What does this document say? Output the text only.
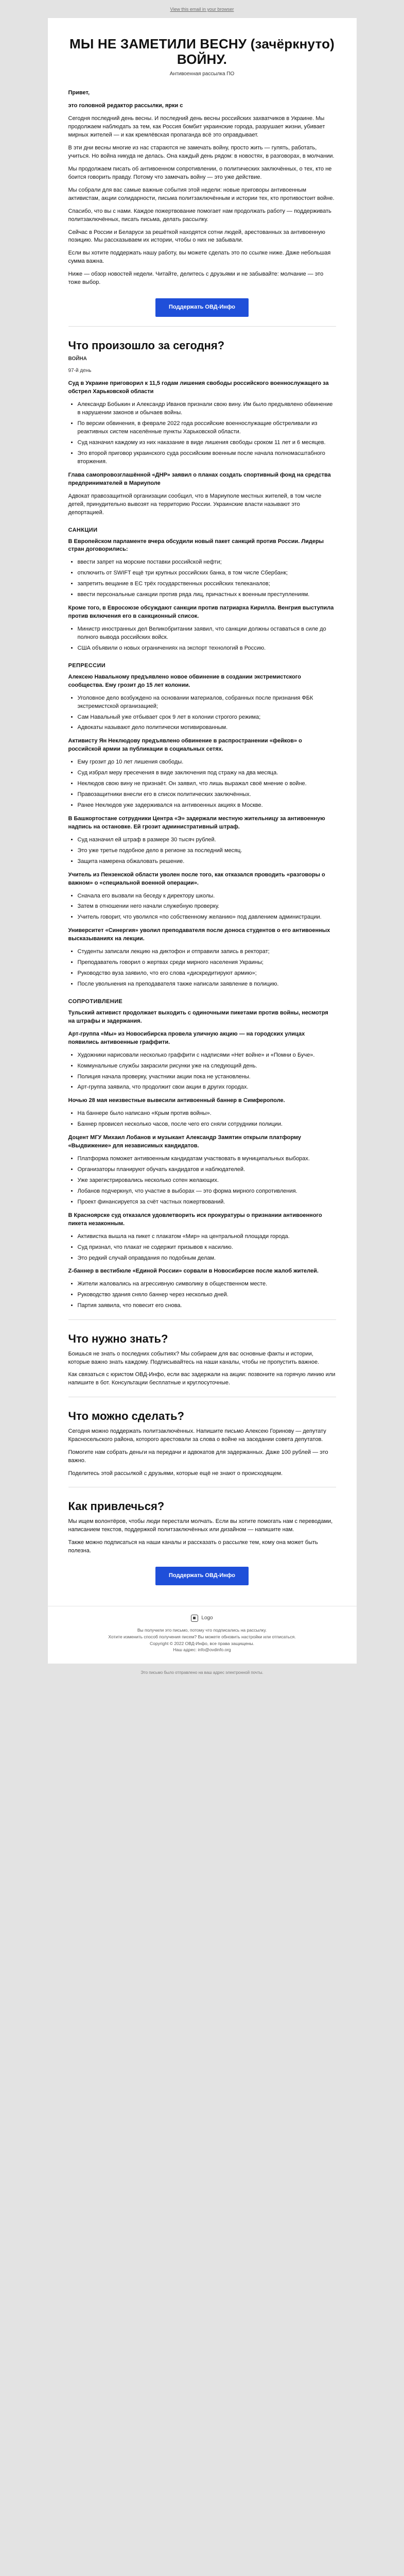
View this email in your browser
МЫ НЕ ЗАМЕТИЛИ ВЕСНУ (зачёркнуто) ВОЙНУ.
Антивоенная рассылка ПО

Привет,

это головной редактор рассылки, ярки с

Сегодня последний день весны. И последний день весны российских захватчиков в Украине. Мы продолжаем наблюдать за тем, как Россия бомбит украинские города, разрушает жизни, убивает мирных жителей — и как кремлёвская пропаганда всё это оправдывает.

В эти дни весны многие из нас стараются не замечать войну, просто жить — гулять, работать, учиться. Но война никуда не делась. Она каждый день рядом: в новостях, в разговорах, в молчании.

Мы продолжаем писать об антивоенном сопротивлении, о политических заключённых, о тех, кто не боится говорить правду. Потому что замечать войну — это уже действие.

Мы собрали для вас самые важные события этой недели: новые приговоры антивоенным активистам, акции солидарности, письма политзаключённым и истории тех, кто противостоит войне.

Спасибо, что вы с нами. Каждое пожертвование помогает нам продолжать работу — поддерживать политзаключённых, писать письма, делать рассылку.

Сейчас в России и Беларуси за решёткой находятся сотни людей, арестованных за антивоенную позицию. Мы рассказываем их истории, чтобы о них не забывали.

Если вы хотите поддержать нашу работу, вы можете сделать это по ссылке ниже. Даже небольшая сумма важна.

Ниже — обзор новостей недели. Читайте, делитесь с друзьями и не забывайте: молчание — это тоже выбор.

Поддержать ОВД-Инфо
Что произошло за сегодня?
ВОЙНА
97-й день

Суд в Украине приговорил к 11,5 годам лишения свободы российского военнослужащего за обстрел Харьковской области

• Александр Бобыкин и Александр Иванов признали свою вину. Им было предъявлено обвинение в нарушении законов и обычаев войны.
• По версии обвинения, в феврале 2022 года российские военнослужащие обстреливали из реактивных систем населённые пункты Харьковской области.
• Суд назначил каждому из них наказание в виде лишения свободы сроком 11 лет и 6 месяцев.
• Это второй приговор украинского суда российским военным после начала полномасштабного вторжения.

Глава самопровозглашённой «ДНР» заявил о планах создать спортивный фонд на средства предпринимателей в Мариуполе

Адвокат правозащитной организации сообщил, что в Мариуполе местных жителей, в том числе детей, принудительно вывозят на территорию России. Украинские власти называют это депортацией.

САНКЦИИ

В Европейском парламенте вчера обсудили новый пакет санкций против России. Лидеры стран договорились:

• ввести запрет на морские поставки российской нефти;
• отключить от SWIFT ещё три крупных российских банка, в том числе Сбербанк;
• запретить вещание в ЕС трёх государственных российских телеканалов;
• ввести персональные санкции против ряда лиц, причастных к военным преступлениям.

Кроме того, в Евросоюзе обсуждают санкции против патриарха Кирилла. Венгрия выступила против включения его в санкционный список.

• Министр иностранных дел Великобритании заявил, что санкции должны оставаться в силе до полного вывода российских войск.
• США объявили о новых ограничениях на экспорт технологий в Россию.
РЕПРЕССИИ

Алексею Навальному предъявлено новое обвинение в создании экстремистского сообщества. Ему грозит до 15 лет колонии.

• Уголовное дело возбуждено на основании материалов, собранных после признания ФБК экстремистской организацией;
• Сам Навальный уже отбывает срок 9 лет в колонии строгого режима;
• Адвокаты называют дело политически мотивированным.

Активисту Ян Неклюдову предъявлено обвинение в распространении «фейков» о российской армии за публикации в социальных сетях.

• Ему грозит до 10 лет лишения свободы.
• Суд избрал меру пресечения в виде заключения под стражу на два месяца.
• Неклюдов свою вину не признаёт. Он заявил, что лишь выражал своё мнение о войне.
• Правозащитники внесли его в список политических заключённых.
• Ранее Неклюдов уже задерживался на антивоенных акциях в Москве.

В Башкортостане сотрудники Центра «Э» задержали местную жительницу за антивоенную надпись на остановке. Ей грозит административный штраф.

• Суд назначил ей штраф в размере 30 тысяч рублей.
• Это уже третье подобное дело в регионе за последний месяц.
• Защита намерена обжаловать решение.

Учитель из Пензенской области уволен после того, как отказался проводить «разговоры о важном» о «специальной военной операции».

• Сначала его вызвали на беседу к директору школы.
• Затем в отношении него начали служебную проверку.
• Учитель говорит, что уволился «по собственному желанию» под давлением администрации.

Университет «Синергия» уволил преподавателя после доноса студентов о его антивоенных высказываниях на лекции.

• Студенты записали лекцию на диктофон и отправили запись в ректорат;
• Преподаватель говорил о жертвах среди мирного населения Украины;
• Руководство вуза заявило, что его слова «дискредитируют армию»;
• После увольнения на преподавателя также написали заявление в полицию.
СОПРОТИВЛЕНИЕ

Тульский активист продолжает выходить с одиночными пикетами против войны, несмотря на штрафы и задержания.

Арт-группа «Мы» из Новосибирска провела уличную акцию — на городских улицах появились антивоенные граффити.

• Художники нарисовали несколько граффити с надписями «Нет войне» и «Помни о Буче».
• Коммунальные службы закрасили рисунки уже на следующий день.
• Полиция начала проверку, участники акции пока не установлены.
• Арт-группа заявила, что продолжит свои акции в других городах.

Ночью 28 мая неизвестные вывесили антивоенный баннер в Симферополе.

• На баннере было написано «Крым против войны».
• Баннер провисел несколько часов, после чего его сняли сотрудники полиции.

Доцент МГУ Михаил Лобанов и музыкант Александр Замятин открыли платформу «Выдвижение» для независимых кандидатов.

• Платформа поможет антивоенным кандидатам участвовать в муниципальных выборах.
• Организаторы планируют обучать кандидатов и наблюдателей.
• Уже зарегистрировались несколько сотен желающих.
• Лобанов подчеркнул, что участие в выборах — это форма мирного сопротивления.
• Проект финансируется за счёт частных пожертвований.

В Красноярске суд отказался удовлетворить иск прокуратуры о признании антивоенного пикета незаконным.

• Активистка вышла на пикет с плакатом «Мир» на центральной площади города.
• Суд признал, что плакат не содержит призывов к насилию.
• Это редкий случай оправдания по подобным делам.

Z-баннер в вестибюле «Единой России» сорвали в Новосибирске после жалоб жителей.

• Жители жаловались на агрессивную символику в общественном месте.
• Руководство здания сняло баннер через несколько дней.
• Партия заявила, что повесит его снова.
Что нужно знать?

Боишься не знать о последних событиях? Мы собираем для вас основные факты и истории, которые важно знать каждому. Подписывайтесь на наши каналы, чтобы не пропустить важное.

Как связаться с юристом ОВД-Инфо, если вас задержали на акции: позвоните на горячую линию или напишите в бот. Консультации бесплатные и круглосуточные.

Что можно сделать?

Сегодня можно поддержать политзаключённых. Напишите письмо Алексею Горинову — депутату Красносельского района, которого арестовали за слова о войне на заседании совета депутатов.

Помогите нам собрать деньги на передачи и адвокатов для задержанных. Даже 100 рублей — это важно.

Поделитесь этой рассылкой с друзьями, которые ещё не знают о происходящем.

Как привлечься?

Мы ищем волонтёров, чтобы люди перестали молчать. Если вы хотите помогать нам с переводами, написанием текстов, поддержкой политзаключённых или дизайном — напишите нам.

Также можно подписаться на наши каналы и рассказать о рассылке тем, кому она может быть полезна.

Поддержать ОВД-Инфо
Logo
Вы получили это письмо, потому что подписались на рассылку.
Хотите изменить способ получения писем? Вы можете обновить настройки или отписаться.
Copyright © 2022 ОВД-Инфо, все права защищены.
Наш адрес: info@ovdinfo.org
Это письмо было отправлено на ваш адрес электронной почты.
